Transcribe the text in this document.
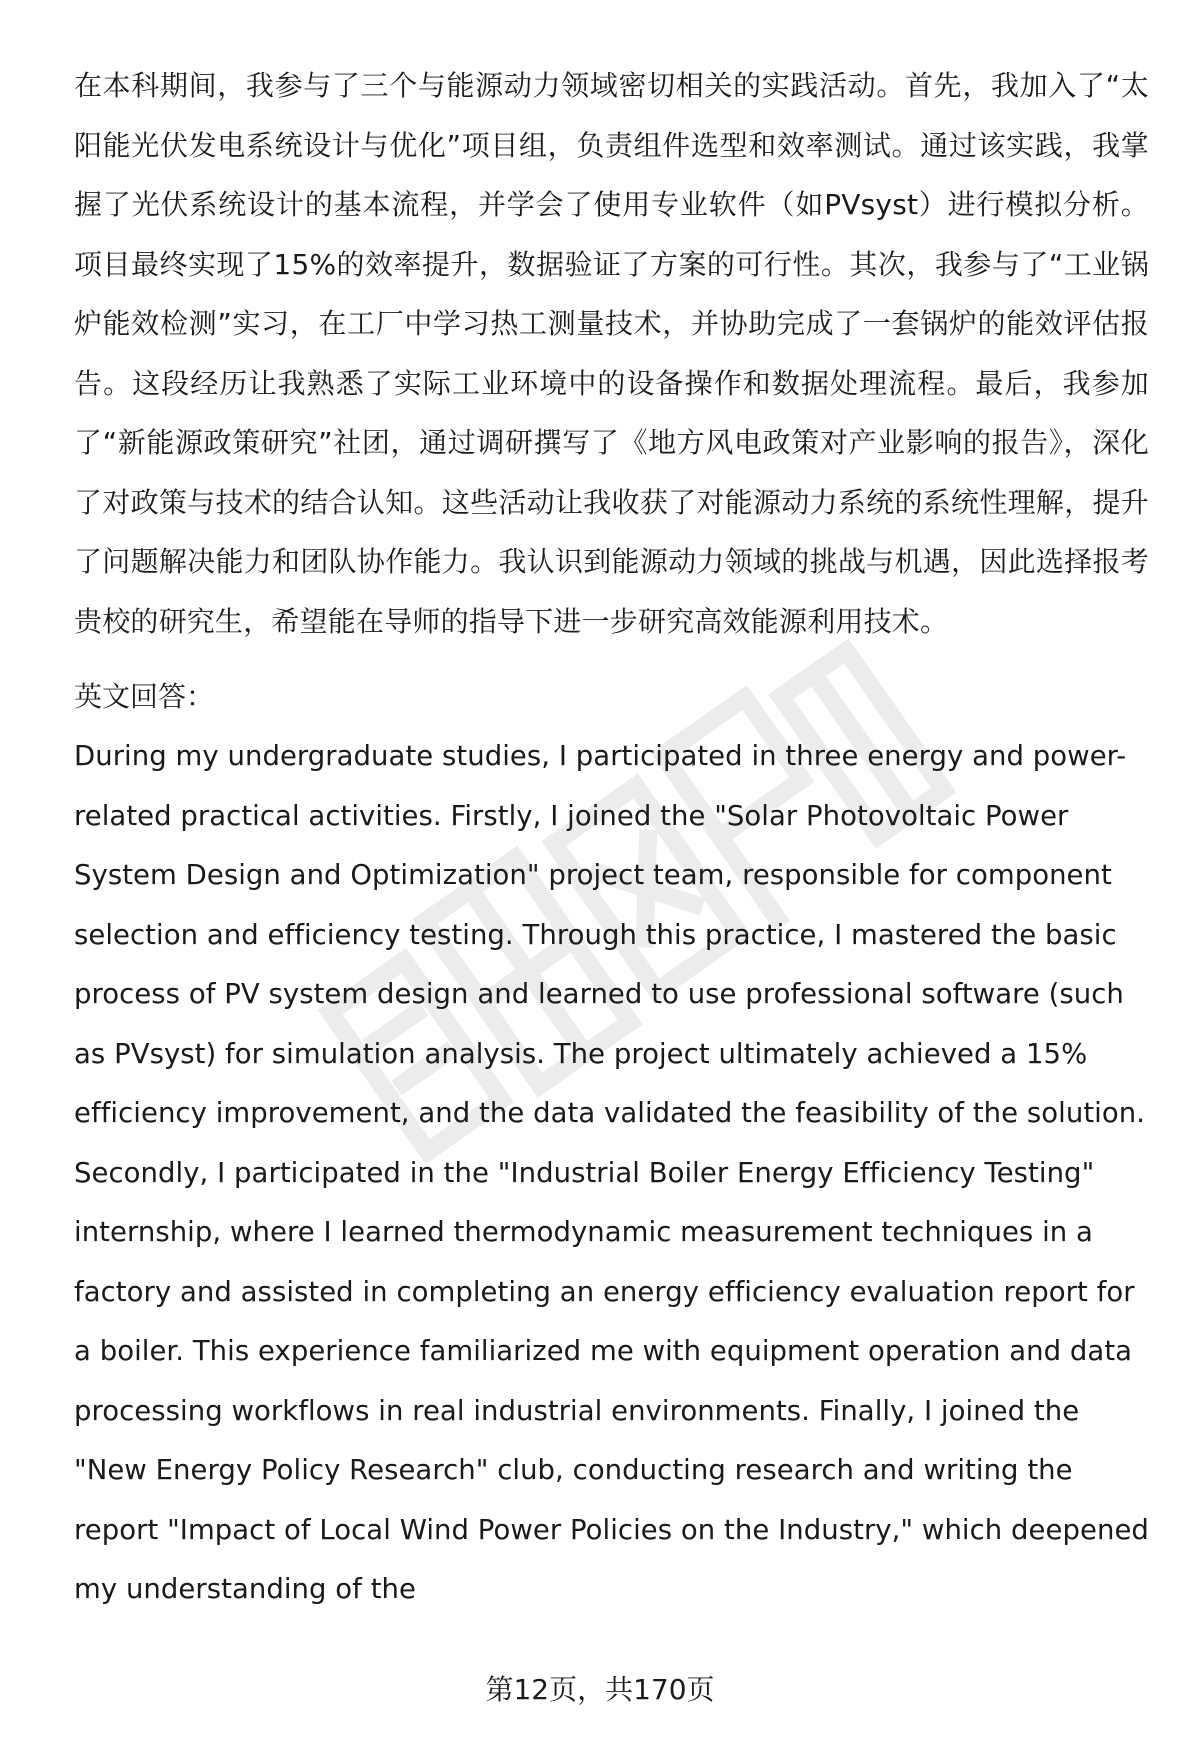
在本科期间，我参与了三个与能源动力领域密切相关的实践活动。首先，我加入了“太阳能光伏发电系统设计与优化”项目组，负责组件选型和效率测试。通过该实践，我掌握了光伏系统设计的基本流程，并学会了使用专业软件（如PVsyst）进行模拟分析。项目最终实现了15%的效率提升，数据验证了方案的可行性。其次，我参与了“工业锅炉能效检测”实习，在工厂中学习热工测量技术，并协助完成了一套锅炉的能效评估报告。这段经历让我熟悉了实际工业环境中的设备操作和数据处理流程。最后，我参加了“新能源政策研究”社团，通过调研撰写了《地方风电政策对产业影响的报告》，深化了对政策与技术的结合认知。这些活动让我收获了对能源动力系统的系统性理解，提升了问题解决能力和团队协作能力。我认识到能源动力领域的挑战与机遇，因此选择报考贵校的研究生，希望能在导师的指导下进一步研究高效能源利用技术。

英文回答：

During my undergraduate studies, I participated in three energy and power-related practical activities. Firstly, I joined the "Solar Photovoltaic Power System Design and Optimization" project team, responsible for component selection and efficiency testing. Through this practice, I mastered the basic process of PV system design and learned to use professional software (such as PVsyst) for simulation analysis. The project ultimately achieved a 15% efficiency improvement, and the data validated the feasibility of the solution. Secondly, I participated in the "Industrial Boiler Energy Efficiency Testing" internship, where I learned thermodynamic measurement techniques in a factory and assisted in completing an energy efficiency evaluation report for a boiler. This experience familiarized me with equipment operation and data processing workflows in real industrial environments. Finally, I joined the "New Energy Policy Research" club, conducting research and writing the report "Impact of Local Wind Power Policies on the Industry," which deepened my understanding of the

第12页，共170页
